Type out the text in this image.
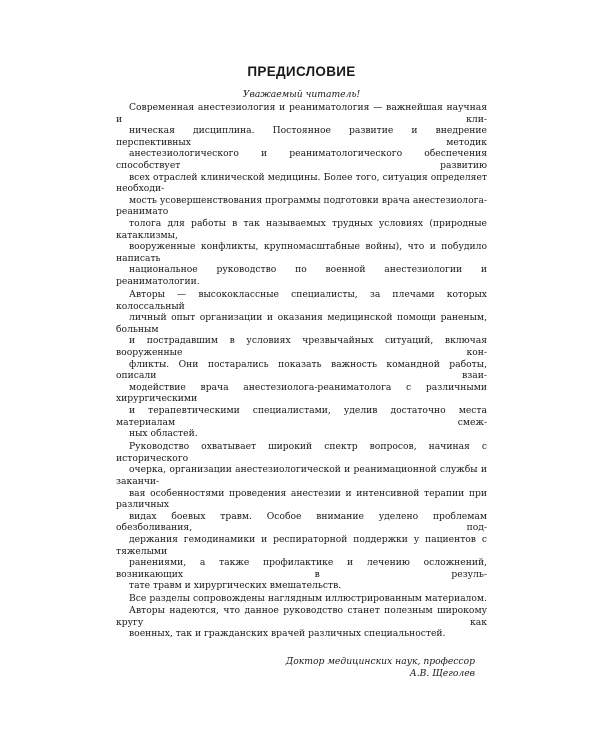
ПРЕДИСЛОВИЕ
Уважаемый читатель!
Современная анестезиология и реаниматология — важнейшая научная и кли-
ническая дисциплина. Постоянное развитие и внедрение перспективных методик
анестезиологического и реаниматологического обеспечения способствует развитию
всех отраслей клинической медицины. Более того, ситуация определяет необходи-
мость усовершенствования программы подготовки врача анестезиолога-реанимато
толога для работы в так называемых трудных условиях (природные катаклизмы,
вооруженные конфликты, крупномасштабные войны), что и побудило написать
национальное руководство по военной анестезиологии и реаниматологии.
Авторы — высококлассные специалисты, за плечами которых колоссальный
личный опыт организации и оказания медицинской помощи раненым, больным
и пострадавшим в условиях чрезвычайных ситуаций, включая вооруженные кон-
фликты. Они постарались показать важность командной работы, описали взаи-
модействие врача анестезиолога-реаниматолога с различными хирургическими
и терапевтическими специалистами, уделив достаточно места материалам смеж-
ных областей.
Руководство охватывает широкий спектр вопросов, начиная с исторического
очерка, организации анестезиологической и реанимационной службы и заканчи-
вая особенностями проведения анестезии и интенсивной терапии при различных
видах боевых травм. Особое внимание уделено проблемам обезболивания, под-
держания гемодинамики и респираторной поддержки у пациентов с тяжелыми
ранениями, а также профилактике и лечению осложнений, возникающих в резуль-
тате травм и хирургических вмешательств.
Все разделы сопровождены наглядным иллюстрированным материалом.
Авторы надеются, что данное руководство станет полезным широкому кругу как
военных, так и гражданских врачей различных специальностей.
Доктор медицинских наук, профессор
А.В. Щеголев
